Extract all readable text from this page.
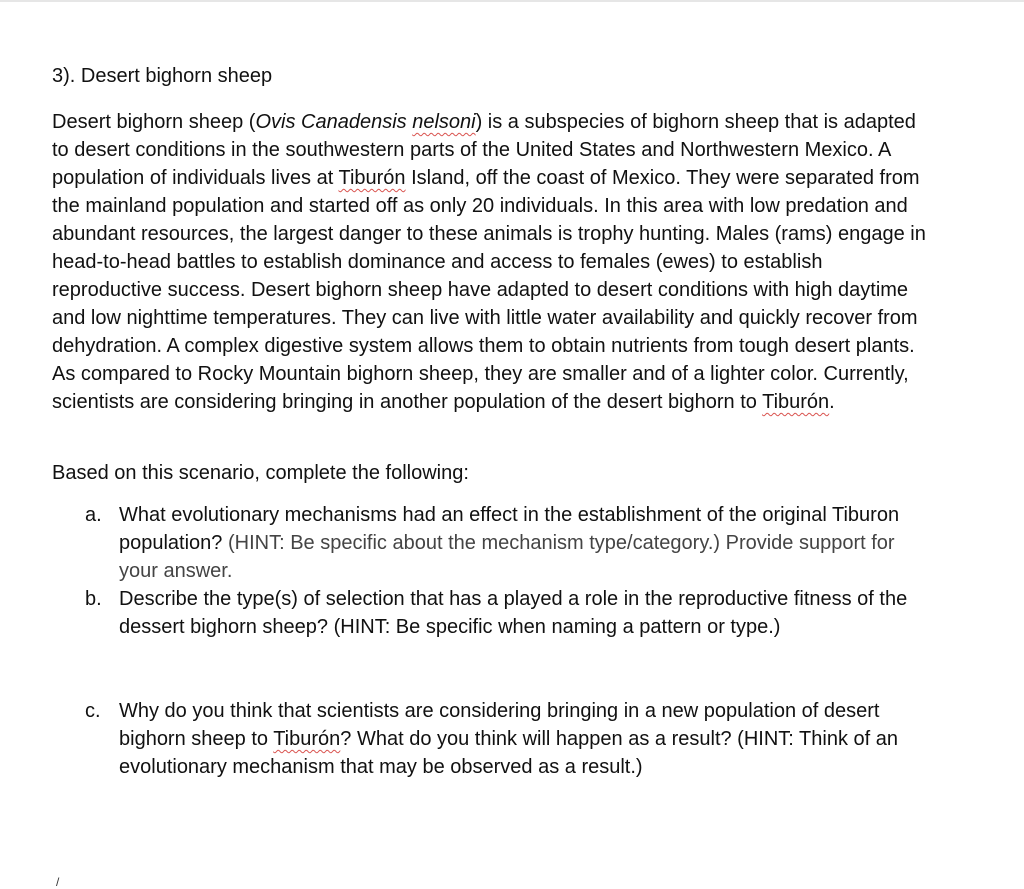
3). Desert bighorn sheep

Desert bighorn sheep (Ovis Canadensis nelsoni) is a subspecies of bighorn sheep that is adapted to desert conditions in the southwestern parts of the United States and Northwestern Mexico. A population of individuals lives at Tiburón Island, off the coast of Mexico. They were separated from the mainland population and started off as only 20 individuals. In this area with low predation and abundant resources, the largest danger to these animals is trophy hunting. Males (rams) engage in head-to-head battles to establish dominance and access to females (ewes) to establish reproductive success. Desert bighorn sheep have adapted to desert conditions with high daytime and low nighttime temperatures. They can live with little water availability and quickly recover from dehydration. A complex digestive system allows them to obtain nutrients from tough desert plants. As compared to Rocky Mountain bighorn sheep, they are smaller and of a lighter color. Currently, scientists are considering bringing in another population of the desert bighorn to Tiburón.

Based on this scenario, complete the following:

a. What evolutionary mechanisms had an effect in the establishment of the original Tiburon population? (HINT: Be specific about the mechanism type/category.) Provide support for your answer.
b. Describe the type(s) of selection that has a played a role in the reproductive fitness of the dessert bighorn sheep? (HINT: Be specific when naming a pattern or type.)
c. Why do you think that scientists are considering bringing in a new population of desert bighorn sheep to Tiburón? What do you think will happen as a result? (HINT: Think of an evolutionary mechanism that may be observed as a result.)
/
